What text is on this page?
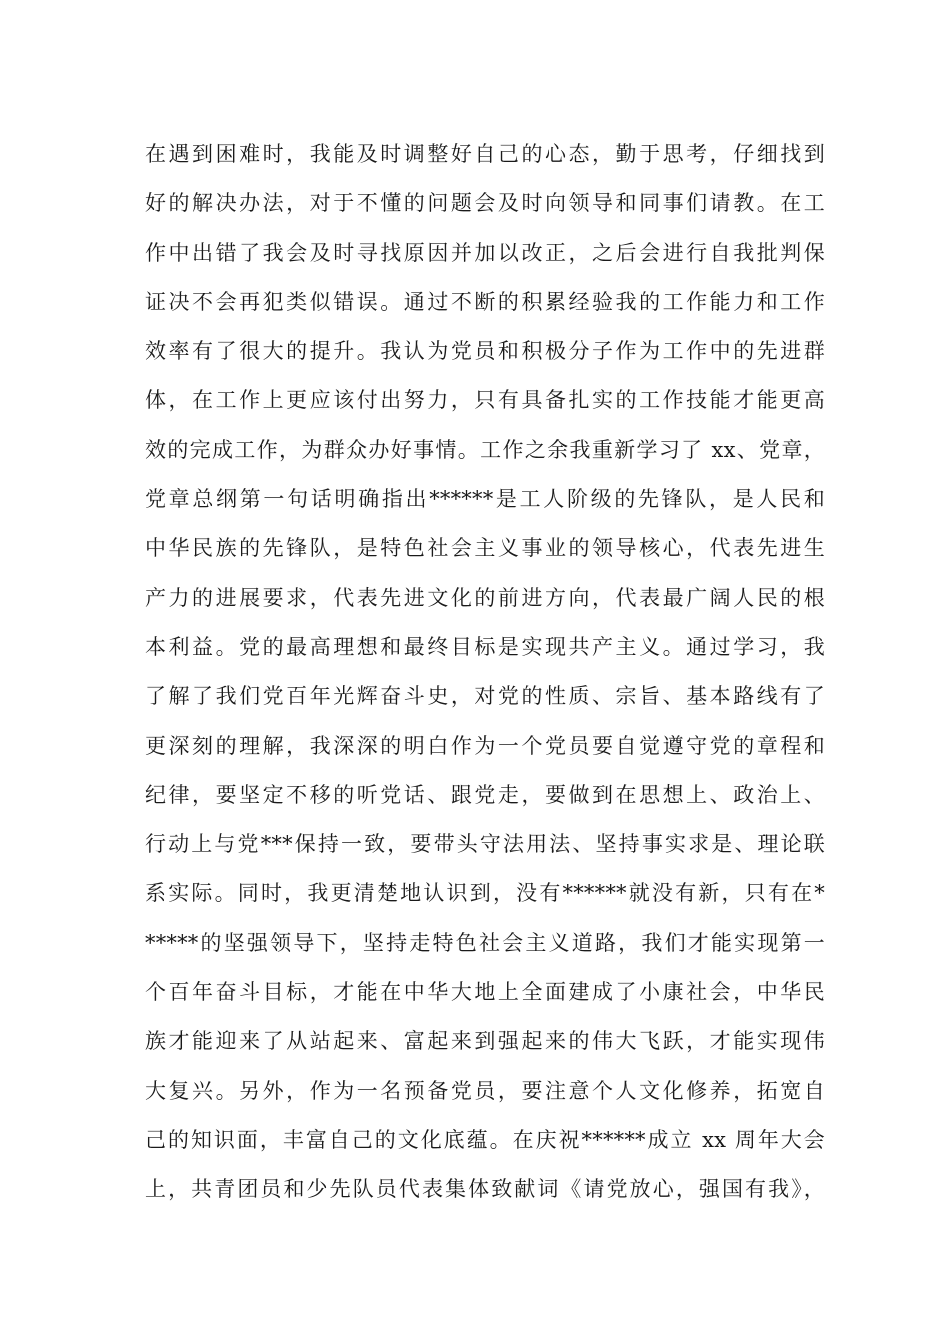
在遇到困难时，我能及时调整好自己的心态，勤于思考，仔细找到
好的解决办法，对于不懂的问题会及时向领导和同事们请教。在工
作中出错了我会及时寻找原因并加以改正，之后会进行自我批判保
证决不会再犯类似错误。通过不断的积累经验我的工作能力和工作
效率有了很大的提升。我认为党员和积极分子作为工作中的先进群
体，在工作上更应该付出努力，只有具备扎实的工作技能才能更高
效的完成工作，为群众办好事情。工作之余我重新学习了 xx、党章，
党章总纲第一句话明确指出******是工人阶级的先锋队，是人民和
中华民族的先锋队，是特色社会主义事业的领导核心，代表先进生
产力的进展要求，代表先进文化的前进方向，代表最广阔人民的根
本利益。党的最高理想和最终目标是实现共产主义。通过学习，我
了解了我们党百年光辉奋斗史，对党的性质、宗旨、基本路线有了
更深刻的理解，我深深的明白作为一个党员要自觉遵守党的章程和
纪律，要坚定不移的听党话、跟党走，要做到在思想上、政治上、
行动上与党***保持一致，要带头守法用法、坚持事实求是、理论联
系实际。同时，我更清楚地认识到，没有******就没有新，只有在*
*****的坚强领导下，坚持走特色社会主义道路，我们才能实现第一
个百年奋斗目标，才能在中华大地上全面建成了小康社会，中华民
族才能迎来了从站起来、富起来到强起来的伟大飞跃，才能实现伟
大复兴。另外，作为一名预备党员，要注意个人文化修养，拓宽自
己的知识面，丰富自己的文化底蕴。在庆祝******成立 xx 周年大会
上，共青团员和少先队员代表集体致献词《请党放心，强国有我》，
